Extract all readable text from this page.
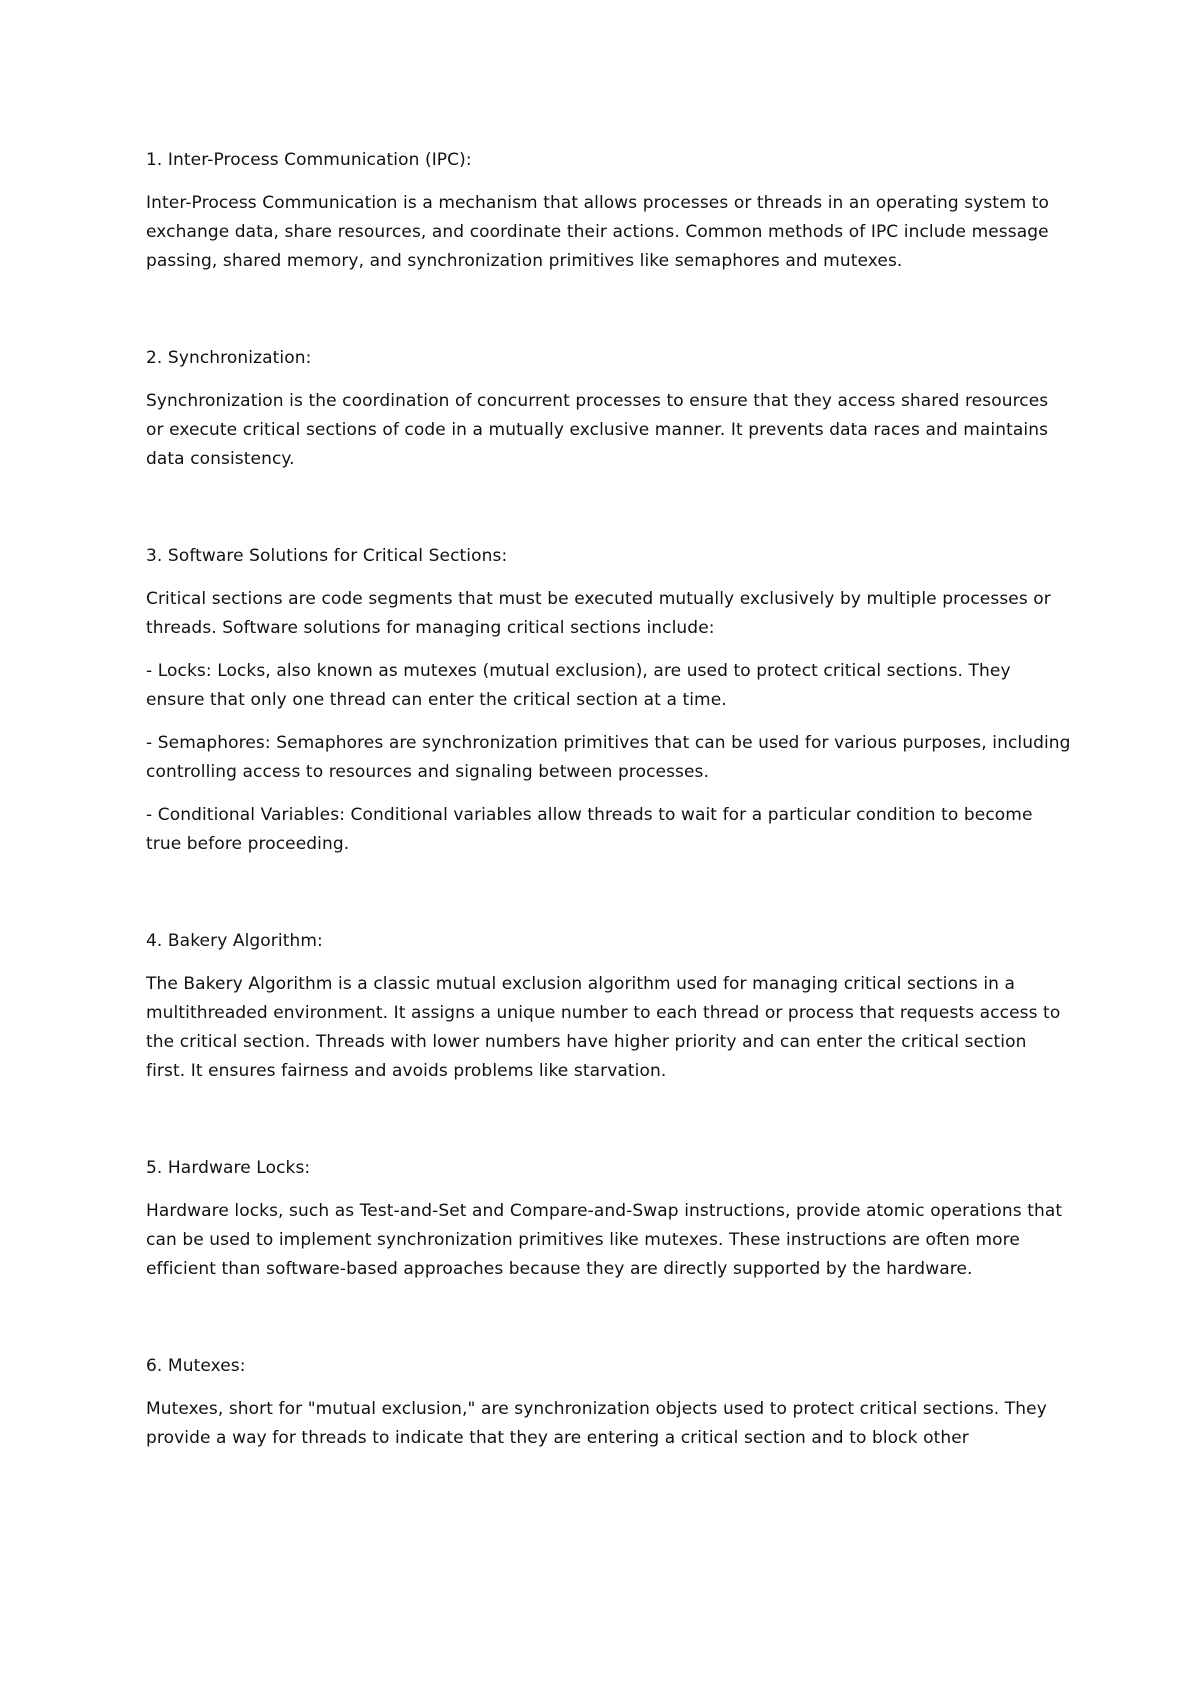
1. Inter-Process Communication (IPC):

Inter-Process Communication is a mechanism that allows processes or threads in an operating system to exchange data, share resources, and coordinate their actions. Common methods of IPC include message passing, shared memory, and synchronization primitives like semaphores and mutexes.

2. Synchronization:

Synchronization is the coordination of concurrent processes to ensure that they access shared resources or execute critical sections of code in a mutually exclusive manner. It prevents data races and maintains data consistency.

3. Software Solutions for Critical Sections:

Critical sections are code segments that must be executed mutually exclusively by multiple processes or threads. Software solutions for managing critical sections include:

- Locks: Locks, also known as mutexes (mutual exclusion), are used to protect critical sections. They ensure that only one thread can enter the critical section at a time.

- Semaphores: Semaphores are synchronization primitives that can be used for various purposes, including controlling access to resources and signaling between processes.

- Conditional Variables: Conditional variables allow threads to wait for a particular condition to become true before proceeding.

4. Bakery Algorithm:

The Bakery Algorithm is a classic mutual exclusion algorithm used for managing critical sections in a multithreaded environment. It assigns a unique number to each thread or process that requests access to the critical section. Threads with lower numbers have higher priority and can enter the critical section first. It ensures fairness and avoids problems like starvation.

5. Hardware Locks:

Hardware locks, such as Test-and-Set and Compare-and-Swap instructions, provide atomic operations that can be used to implement synchronization primitives like mutexes. These instructions are often more efficient than software-based approaches because they are directly supported by the hardware.

6. Mutexes:

Mutexes, short for "mutual exclusion," are synchronization objects used to protect critical sections. They provide a way for threads to indicate that they are entering a critical section and to block other
